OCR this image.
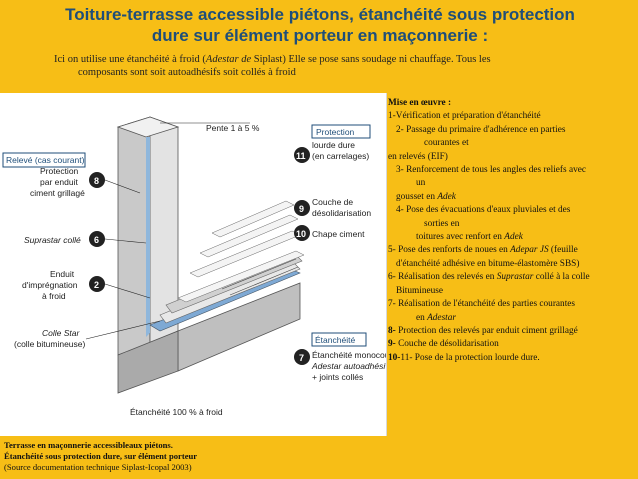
Toiture-terrasse accessible piétons, étanchéité sous protection
dure sur élément porteur en maçonnerie :
Ici on utilise une étanchéité à froid (Adestar de Siplast) Elle se pose sans soudage ni chauffage. Tous les
composants sont soit autoadhésifs soit collés à froid
Pente 1 à 5 %
Relevé (cas courant)
Protection
par enduit
ciment grillagé
8
Suprastar collé 6
Enduit
d'imprégnation
à froid
2
Colle Star
(colle bitumineuse)
Protection
lourde dure
(en carrelages)
11
9
Couche de
désolidarisation
10 Chape ciment
Étanchéité
7 Étanchéité monoco
Adestar autoadhési
+ joints collés
Étanchéité 100 % à froid
Terrasse en maçonnerie accessibleaux piétons.
Étanchéité sous protection dure, sur élément porteur
(Source documentation technique Siplast-Icopal 2003)
Mise en œuvre :
1-Vérification et préparation d'étanchéité
2- Passage du primaire d'adhérence en parties
courantes et
en relevés (EIF)
3- Renforcement de tous les angles des reliefs avec
un
gousset en Adek
4- Pose des évacuations d'eaux pluviales et des
sorties en
toitures avec renfort en Adek
5- Pose des renforts de noues en Adepar JS (feuille
d'étanchéité adhésive en bitume-élastomère SBS)
6- Réalisation des relevés en Suprastar collé à la colle
Bitumineuse
7- Réalisation de l'étanchéité des parties courantes
en Adestar
8- Protection des relevés par enduit ciment grillagé
9- Couche de désolidarisation
10-11- Pose de la protection lourde dure.
